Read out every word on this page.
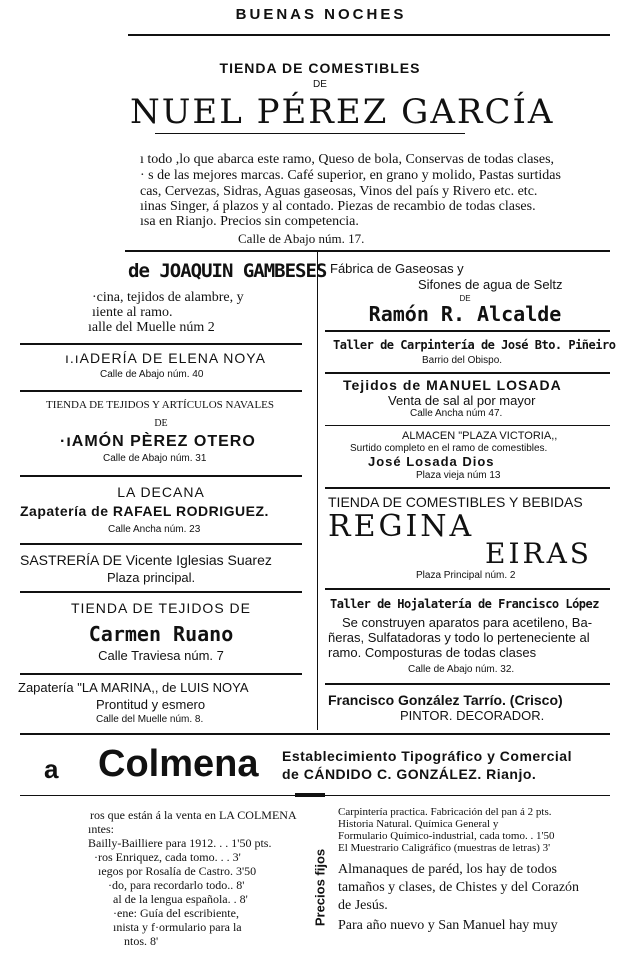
BUENAS NOCHES
TIENDA DE COMESTIBLES
DE
NUEL PÉREZ GARCÍA
ı todo ,lo que abarca este ramo, Queso de bola, Conservas de todas clases,
· s de las mejores marcas. Café superior, en grano y molido, Pastas surtidas
cas, Cervezas, Sidras, Aguas gaseosas, Vinos del país y Rivero etc. etc.
ıinas Singer, á plazos y al contado. Piezas de recambio de todas clases.
ısa en Rianjo. Precios sin competencia.
Calle de Abajo núm. 17.
de JOAQUIN GAMBESES
·cina, tejidos de alambre, y
ıiente al ramo.
ıalle del Muelle núm 2
ı.ıADERÍA DE ELENA NOYA
Calle de Abajo núm. 40
TIENDA DE TEJIDOS Y ARTÍCULOS NAVALES
DE
·ıAMÓN PÈREZ OTERO
Calle de Abajo núm. 31
LA DECANA
Zapatería de RAFAEL RODRIGUEZ.
Calle Ancha núm. 23
SASTRERÍA DE Vicente Iglesias Suarez
Plaza principal.
TIENDA DE TEJIDOS DE
Carmen Ruano
Calle Traviesa núm. 7
Zapatería "LA MARINA,, de LUIS NOYA
Prontitud y esmero
Calle del Muelle núm. 8.
Fábrica de Gaseosas y
Sifones de agua de Seltz
DE
Ramón R. Alcalde
Taller de Carpintería de José Bto. Piñeiro
Barrio del Obispo.
Tejidos de MANUEL LOSADA
Venta de sal al por mayor
Calle Ancha núm 47.
ALMACEN "PLAZA VICTORIA,,
Surtido completo en el ramo de comestibles.
José Losada Dios
Plaza vieja núm 13
TIENDA DE COMESTIBLES Y BEBIDAS
REGINA
EIRAS
Plaza Principal núm. 2
Taller de Hojalatería de Francisco López
Se construyen aparatos para acetileno, Ba-
ñeras, Sulfatadoras y todo lo perteneciente al
ramo. Composturas de todas clases
Calle de Abajo núm. 32.
Francisco González Tarrío. (Crisco)
PINTOR. DECORADOR.
a Colmena Establecimiento Tipográfico y Comercial
de CÁNDIDO C. GONZÁLEZ. Rianjo.
ros que están á la venta en LA COLMENA
ıntes:
Bailly-Bailliere para 1912. . . 1'50 pts.
·ros Enriquez, cada tomo. . . 3'
ıegos por Rosalía de Castro. 3'50
·do, para recordarlo todo.. 8'
al de la lengua española. . 8'
·ene: Guía del escribiente,
ınista y f·ormulario para la
ntos. 8'
Precios fijos
Carpintería practica. Fabricación del pan á 2 pts.
Historia Natural. Química General y
Formulario Químico-industrial, cada tomo. . 1'50
El Muestrario Caligráfico (muestras de letras) 3'
Almanaques de paréd, los hay de todos
tamaños y clases, de Chistes y del Corazón
de Jesús.
Para año nuevo y San Manuel hay muy
